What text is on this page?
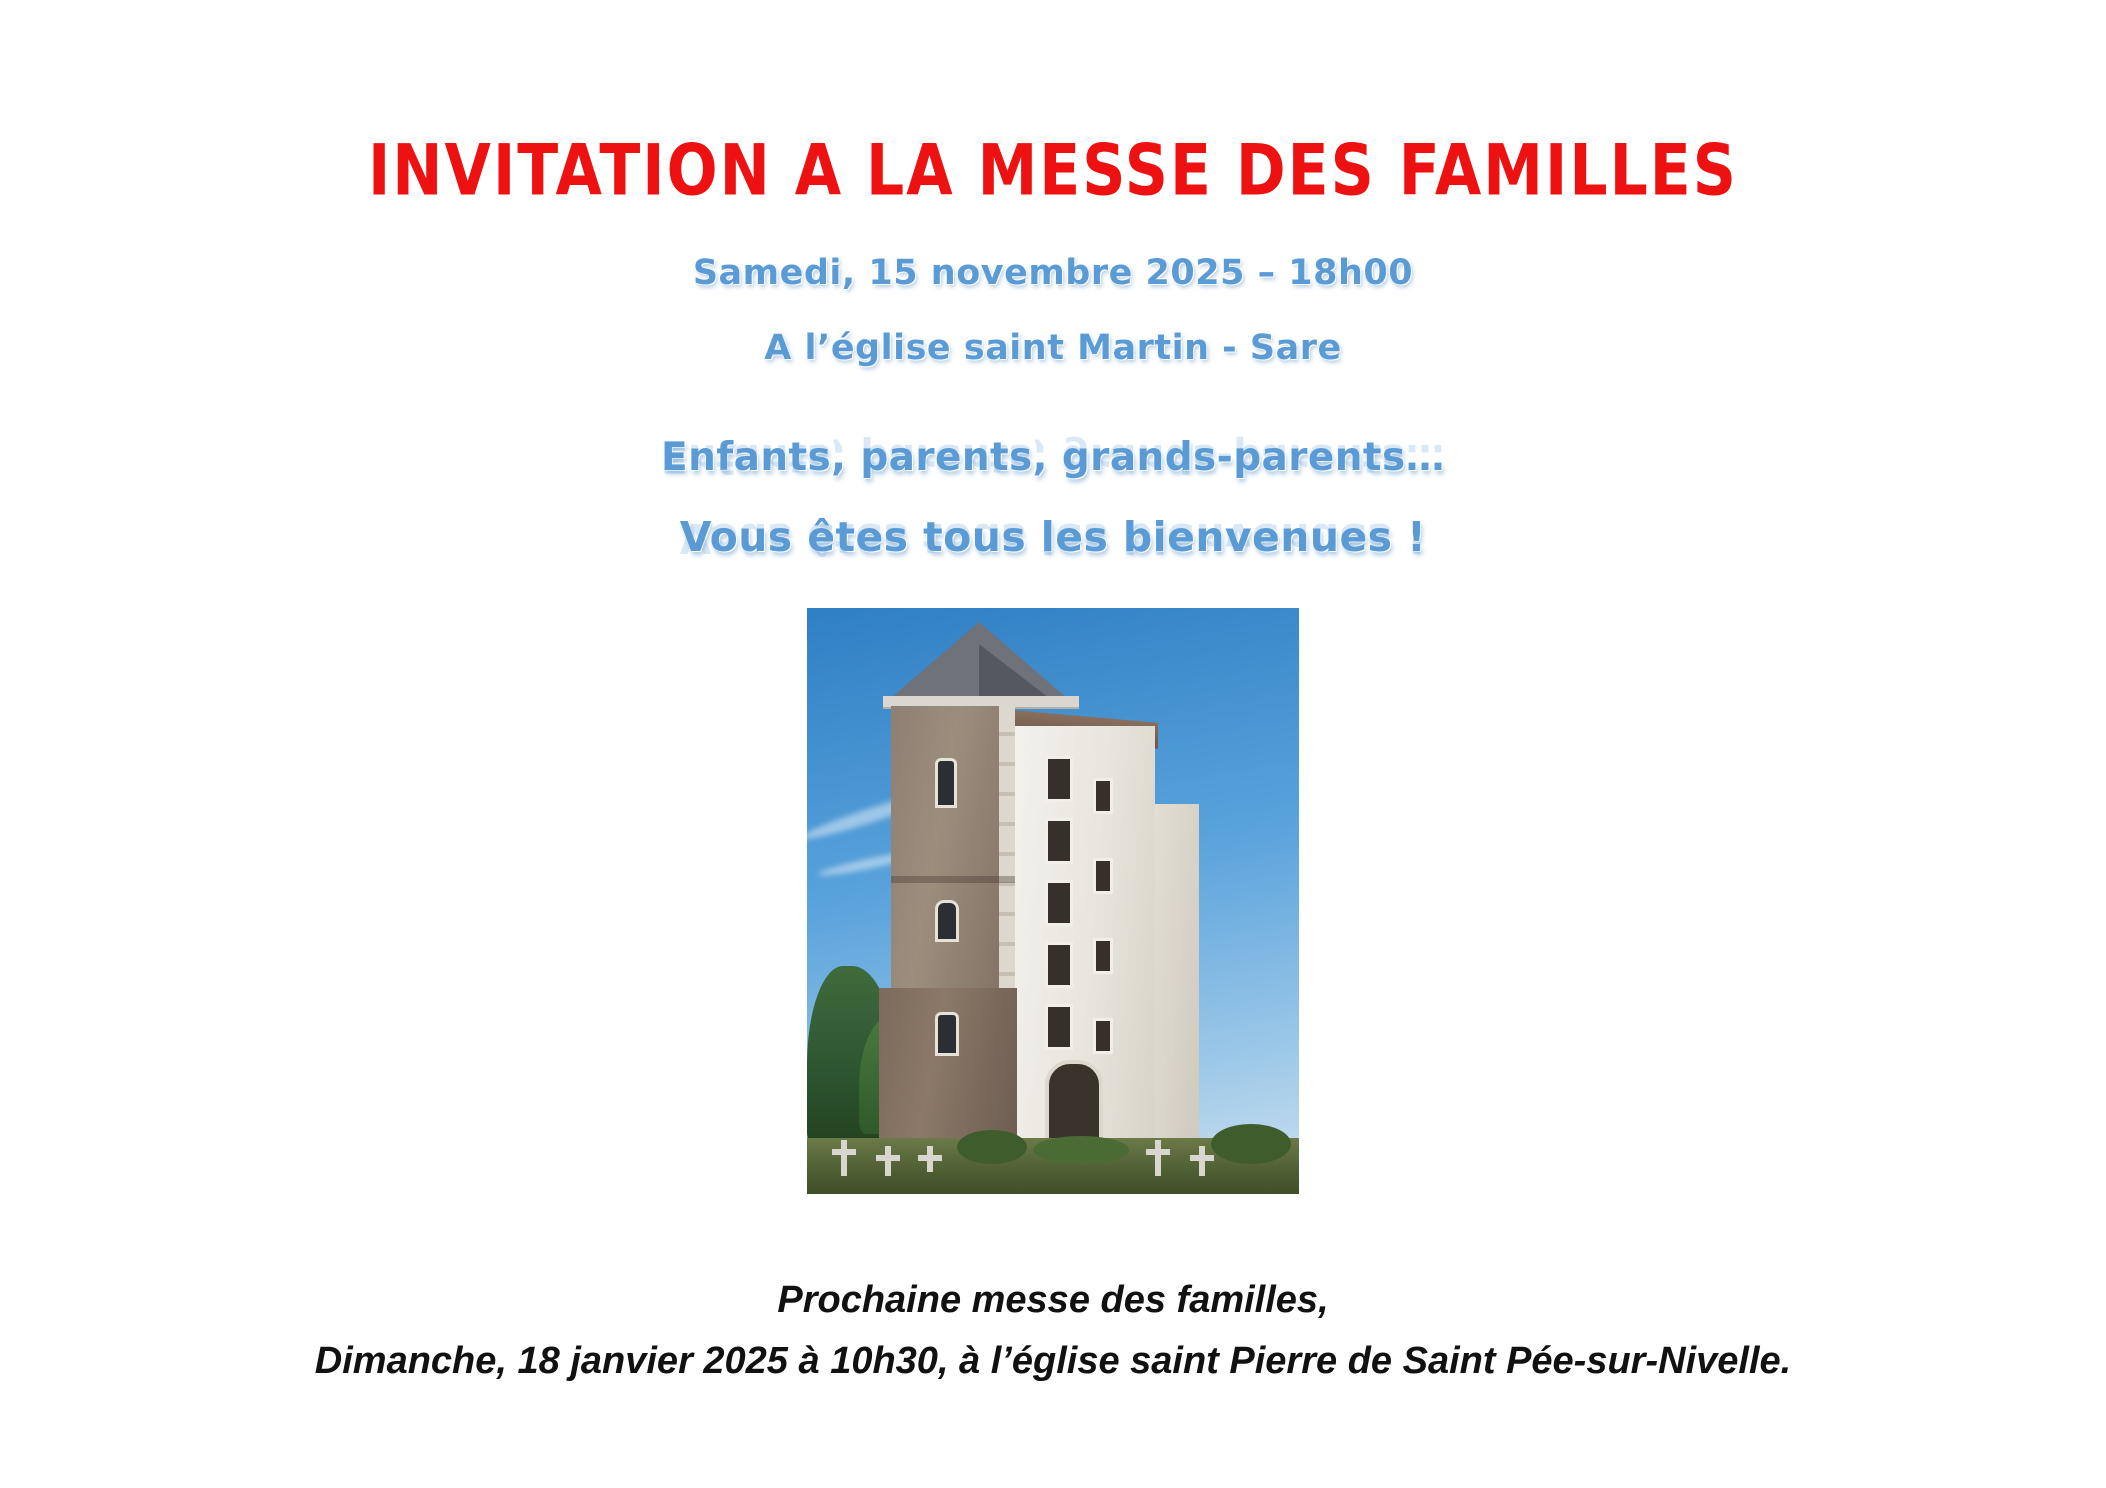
INVITATION A LA MESSE DES FAMILLES
Samedi, 15 novembre 2025 – 18h00
A l’église saint Martin - Sare
Enfants, parents, grands-parents… Enfants, parents, grands-parents…
Vous êtes tous les bienvenues ! Vous êtes tous les bienvenues !
Prochaine messe des familles,
Dimanche, 18 janvier 2025 à 10h30, à l’église saint Pierre de Saint Pée-sur-Nivelle.
